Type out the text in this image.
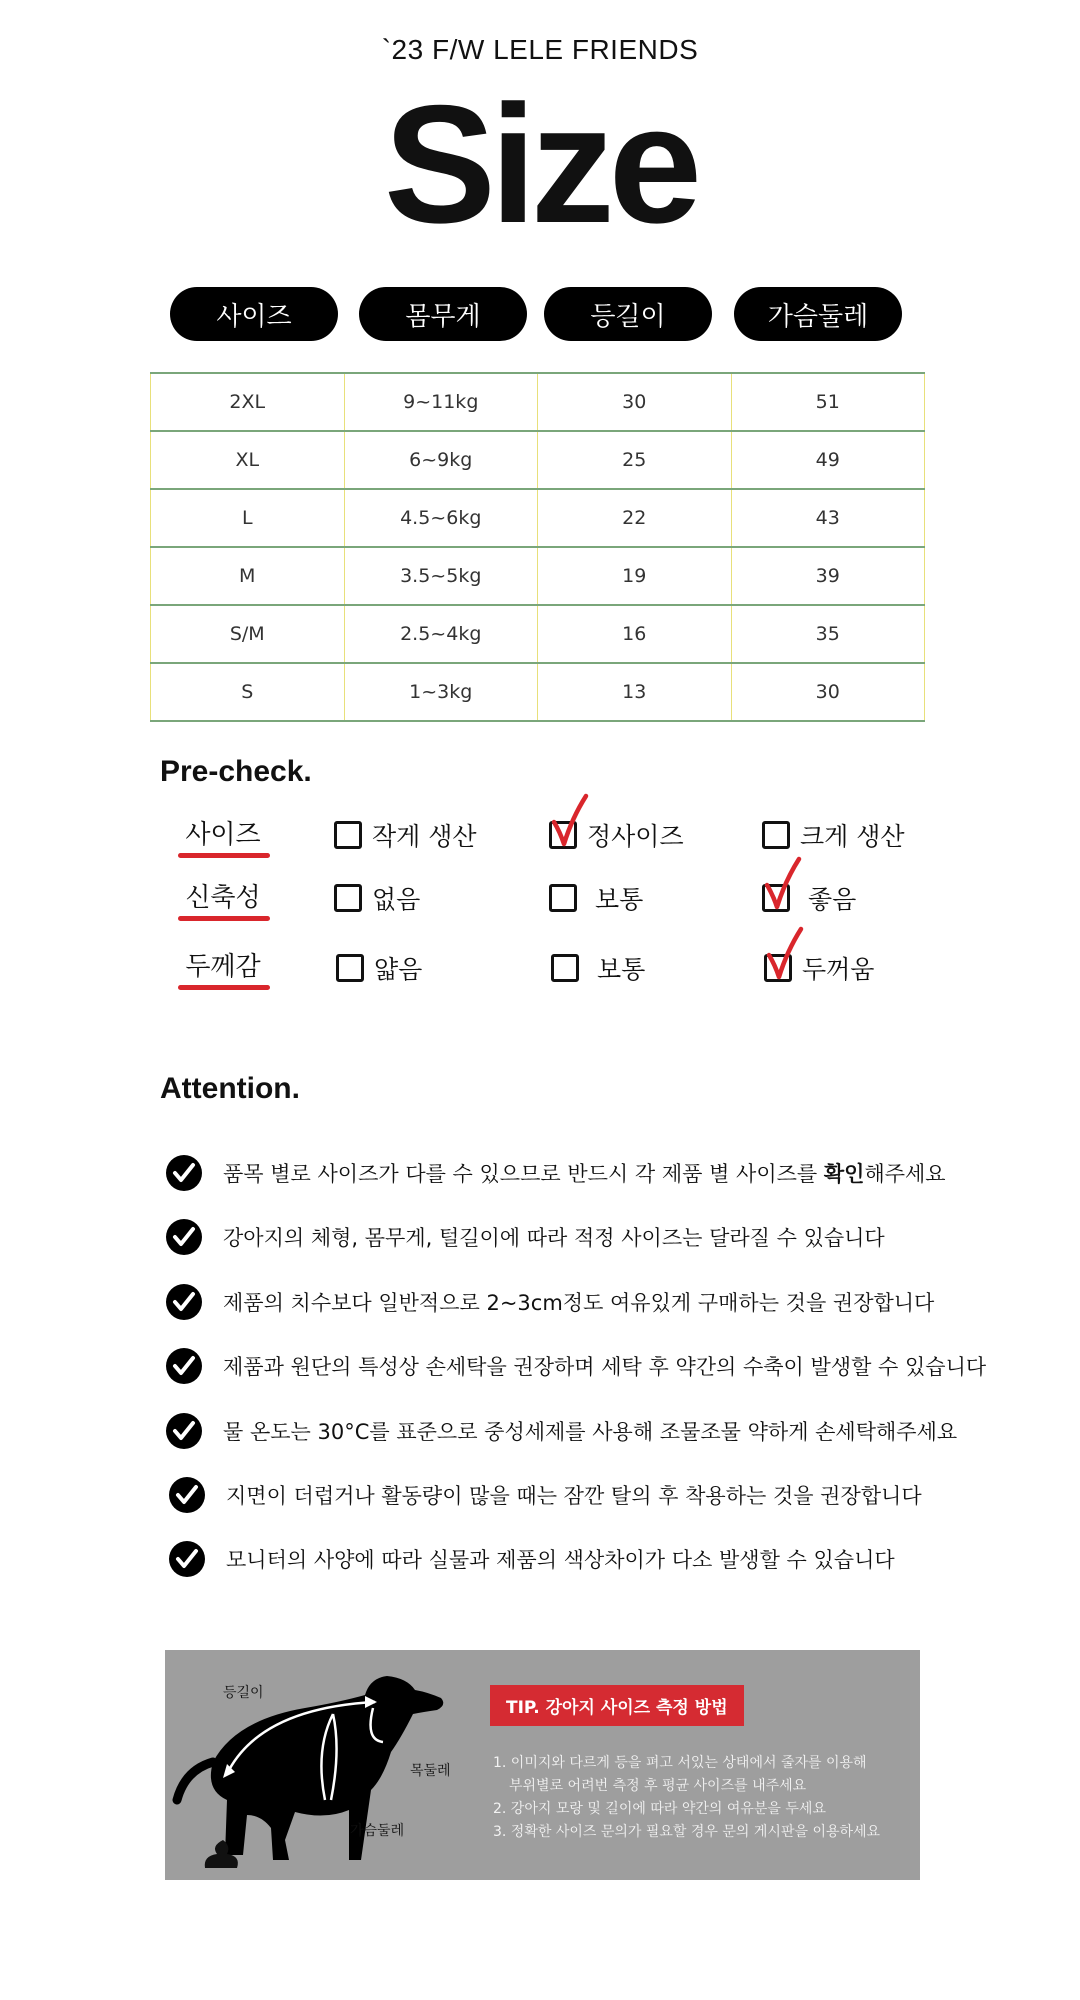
`23 F/W LELE FRIENDS
Size
사이즈	몸무게	등길이	가슴둘레
2XL	9~11kg	30	51
XL	6~9kg	25	49
L	4.5~6kg	22	43
M	3.5~5kg	19	39
S/M	2.5~4kg	16	35
S	1~3kg	13	30
Pre-check.
사이즈	작게 생산	정사이즈	크게 생산
신축성	없음	보통	좋음
두께감	얇음	보통	두꺼움
Attention.
품목 별로 사이즈가 다를 수 있으므로 반드시 각 제품 별 사이즈를 확인해주세요
강아지의 체형, 몸무게, 털길이에 따라 적정 사이즈는 달라질 수 있습니다
제품의 치수보다 일반적으로 2~3cm정도 여유있게 구매하는 것을 권장합니다
제품과 원단의 특성상 손세탁을 권장하며 세탁 후 약간의 수축이 발생할 수 있습니다
물 온도는 30°C를 표준으로 중성세제를 사용해 조물조물 약하게 손세탁해주세요
지면이 더럽거나 활동량이 많을 때는 잠깐 탈의 후 착용하는 것을 권장합니다
모니터의 사양에 따라 실물과 제품의 색상차이가 다소 발생할 수 있습니다
등길이
목둘레
가슴둘레
TIP. 강아지 사이즈 측정 방법
1. 이미지와 다르게 등을 펴고 서있는 상태에서 줄자를 이용해
부위별로 어려번 측정 후 평균 사이즈를 내주세요
2. 강아지 모랑 및 길이에 따라 약간의 여유분을 두세요
3. 정확한 사이즈 문의가 필요할 경우 문의 게시판을 이용하세요
